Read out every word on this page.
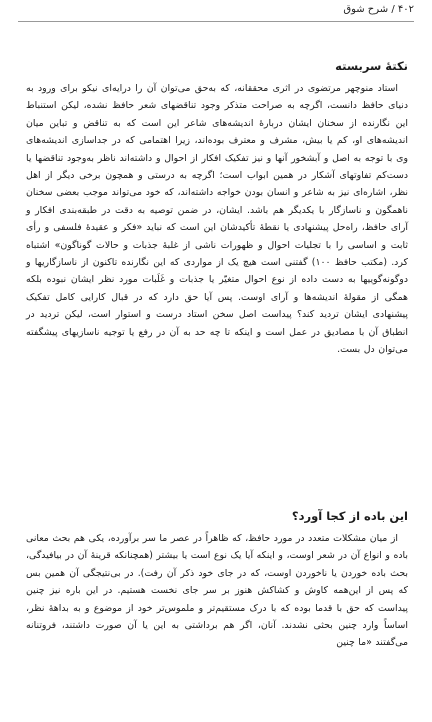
۴۰۲ / شرح شوق
نکتهٔ سربسته

استاد منوچهر مرتضوی در اثری محققانه، که به‌حق می‌توان آن را درایه‌ای نیکو برای ورود به دنیای حافظ دانست، اگرچه به صراحت متذکر وجود تناقضهای شعر حافظ نشده، لیکن استنباط این نگارنده از سخنان ایشان دربارهٔ اندیشه‌های شاعر این است که به تناقض و تباین میان اندیشه‌های او، کم یا بیش، مشرف و معترف بوده‌اند، زیرا اهتمامی که در جداسازی اندیشه‌های وی با توجه به اصل و آبشخور آنها و نیز تفکیک افکار از احوال و داشته‌اند ناظر به‌وجود تناقضها یا دست‌کم تفاوتهای آشکار در همین ابواب است؛ اگرچه به درستی و همچون برخی دیگر از اهل نظر، اشاره‌ای نیز به شاعر و انسان بودن خواجه داشته‌اند، که خود می‌تواند موجب بعضی سخنان ناهمگون و ناسازگار با یکدیگر هم باشد. ایشان، در ضمن توصیه به دقت در طبقه‌بندی افکار و آرای حافظ، راه‌حل پیشنهادی یا نقطهٔ تأکیدشان این است که نباید «فکر و عقیدهٔ فلسفی و رأی ثابت و اساسی را با تجلیات احوال و ظهورات ناشی از غلبهٔ جذبات و حالات گوناگون» اشتباه کرد. (مکتب حافظ ۱۰۰) گفتنی است هیچ یک از مواردی که این نگارنده تاکنون از ناسازگاریها و دوگونه‌گوییها به دست داده از نوع احوال متغیّر یا جذبات و غَلَبات مورد نظر ایشان نبوده بلکه همگی از مقولهٔ اندیشه‌ها و آرای اوست. پس آیا حق دارد که در قبال کارایی کامل تفکیک پیشنهادی ایشان تردید کند؟ پیداست اصل سخن استاد درست و استوار است، لیکن تردید در انطباق آن با مصادیق در عمل است و اینکه تا چه حد به آن در رفع یا توجیه ناسازیهای پیشگفته می‌توان دل بست.

این باده از کجا آورد؟

از میان مشکلات متعدد در مورد حافظ، که ظاهراً در عصر ما سر برآورده، یکی هم بحث معانی باده و انواع آن در شعر اوست، و اینکه آیا یک نوع است یا بیشتر (همچنانکه قرینهٔ آن در بیافیدگی، بحث باده خوردن یا ناخوردن اوست، که در جای خود ذکر آن رفت). در بی‌نتیجگی آن همین بس که پس از این‌همه کاوش و کشاکش هنوز بر سر جای نخست هستیم. در این باره نیز چنین پیداست که حق با قدما بوده که با درک مستقیم‌تر و ملموس‌تر خود از موضوع و به بداههٔ نظر، اساساً وارد چنین بحثی نشدند. آنان، اگر هم برداشتی به این یا آن صورت داشتند، فروتنانه می‌گفتند «ما چنین
